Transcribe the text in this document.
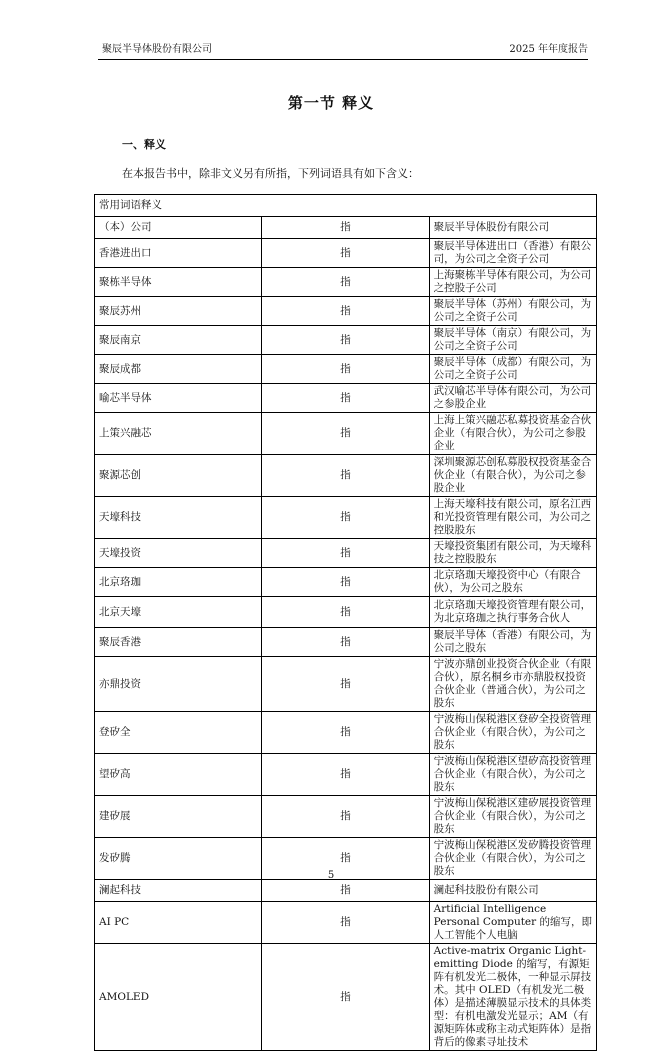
聚辰半导体股份有限公司	2025 年年度报告
第一节 释义
一、释义
在本报告书中，除非文义另有所指，下列词语具有如下含义：
常用词语释义		
（本）公司	指	聚辰半导体股份有限公司
香港进出口	指	聚辰半导体进出口（香港）有限公司，为公司之全资子公司
聚栋半导体	指	上海聚栋半导体有限公司，为公司之控股子公司
聚辰苏州	指	聚辰半导体（苏州）有限公司，为公司之全资子公司
聚辰南京	指	聚辰半导体（南京）有限公司，为公司之全资子公司
聚辰成都	指	聚辰半导体（成都）有限公司，为公司之全资子公司
喻芯半导体	指	武汉喻芯半导体有限公司，为公司之参股企业
上策兴融芯	指	上海上策兴融芯私募投资基金合伙企业（有限合伙），为公司之参股企业
聚源芯创	指	深圳聚源芯创私募股权投资基金合伙企业（有限合伙），为公司之参股企业
天壕科技	指	上海天壕科技有限公司，原名江西和光投资管理有限公司，为公司之控股股东
天壕投资	指	天壕投资集团有限公司，为天壕科技之控股股东
北京珞珈	指	北京珞珈天壕投资中心（有限合伙），为公司之股东
北京天壕	指	北京珞珈天壕投资管理有限公司，为北京珞珈之执行事务合伙人
聚辰香港	指	聚辰半导体（香港）有限公司，为公司之股东
亦鼎投资	指	宁波亦鼎创业投资合伙企业（有限合伙），原名桐乡市亦鼎股权投资合伙企业（普通合伙），为公司之股东
登矽全	指	宁波梅山保税港区登矽全投资管理合伙企业（有限合伙），为公司之股东
望矽高	指	宁波梅山保税港区望矽高投资管理合伙企业（有限合伙），为公司之股东
建矽展	指	宁波梅山保税港区建矽展投资管理合伙企业（有限合伙），为公司之股东
发矽腾	指	宁波梅山保税港区发矽腾投资管理合伙企业（有限合伙），为公司之股东
澜起科技	指	澜起科技股份有限公司
AI PC	指	Artificial Intelligence Personal Computer 的缩写，即人工智能个人电脑
AMOLED	指	Active-matrix Organic Light-emitting Diode 的缩写，有源矩阵有机发光二极体，一种显示屏技术。其中 OLED（有机发光二极体）是描述薄膜显示技术的具体类型：有机电激发光显示；AM（有源矩阵体或称主动式矩阵体）是指背后的像素寻址技术
5
